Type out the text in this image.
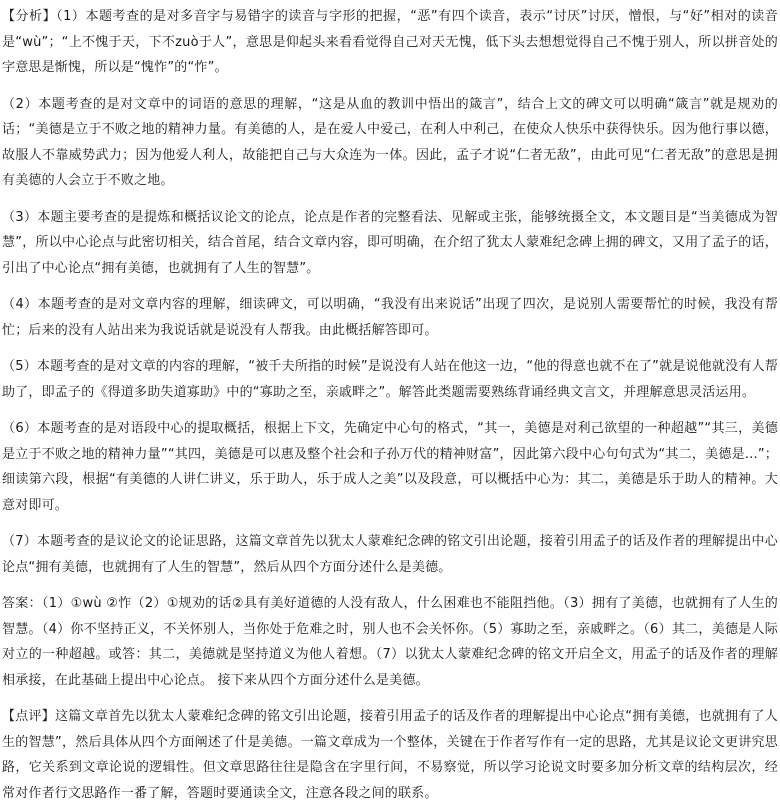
【分析】（1）本题考查的是对多音字与易错字的读音与字形的把握，“恶”有四个读音，表示“讨厌”讨厌，憎恨，与“好”相对的读音是“wù”；“上不愧于天，下不zuò于人”，意思是仰起头来看看觉得自己对天无愧，低下头去想想觉得自己不愧于别人，所以拼音处的字意思是惭愧，所以是“愧怍”的“怍”。

（2）本题考查的是对文章中的词语的意思的理解，“这是从血的教训中悟出的箴言”，结合上文的碑文可以明确“箴言”就是规劝的话；“美德是立于不败之地的精神力量。有美德的人，是在爱人中爱己，在利人中利己，在使众人快乐中获得快乐。因为他行事以德，故服人不靠威势武力；因为他爱人利人，故能把自己与大众连为一体。因此，孟子才说“仁者无敌”，由此可见“仁者无敌”的意思是拥有美德的人会立于不败之地。

（3）本题主要考查的是提炼和概括议论文的论点，论点是作者的完整看法、见解或主张，能够统摄全文，本文题目是“当美德成为智慧”，所以中心论点与此密切相关，结合首尾，结合文章内容，即可明确，在介绍了犹太人蒙难纪念碑上拥的碑文，又用了孟子的话，引出了中心论点“拥有美德，也就拥有了人生的智慧”。

（4）本题考查的是对文章内容的理解，细读碑文，可以明确，“我没有出来说话”出现了四次，是说别人需要帮忙的时候，我没有帮忙；后来的没有人站出来为我说话就是说没有人帮我。由此概括解答即可。

（5）本题考查的是对文章的内容的理解，“被千夫所指的时候”是说没有人站在他这一边，“他的得意也就不在了”就是说他就没有人帮助了，即孟子的《得道多助失道寡助》中的“寡助之至，亲戚畔之”。解答此类题需要熟练背诵经典文言文，并理解意思灵活运用。

（6）本题考查的是对语段中心的提取概括，根据上下文，先确定中心句的格式，“其一，美德是对利己欲望的一种超越”“其三，美德是立于不败之地的精神力量”“其四，美德是可以惠及整个社会和子孙万代的精神财富”，因此第六段中心句句式为“其二，美德是...”；细读第六段，根据“有美德的人讲仁讲义，乐于助人，乐于成人之美”以及段意，可以概括中心为：其二，美德是乐于助人的精神。大意对即可。

（7）本题考查的是议论文的论证思路，这篇文章首先以犹太人蒙难纪念碑的铭文引出论题，接着引用孟子的话及作者的理解提出中心论点“拥有美德，也就拥有了人生的智慧”，然后从四个方面分述什么是美德。

答案：（1）①wù ②怍（2）①规劝的话②具有美好道德的人没有敌人，什么困难也不能阻挡他。（3）拥有了美德，也就拥有了人生的智慧。（4）你不坚持正义，不关怀别人，当你处于危难之时，别人也不会关怀你。（5）寡助之至，亲戚畔之。（6）其二，美德是人际对立的一种超越。或答：其二，美德就是坚持道义为他人着想。（7）以犹太人蒙难纪念碑的铭文开启全文，用孟子的话及作者的理解相承接，在此基础上提出中心论点。 接下来从四个方面分述什么是美德。

【点评】这篇文章首先以犹太人蒙难纪念碑的铭文引出论题，接着引用孟子的话及作者的理解提出中心论点“拥有美德，也就拥有了人生的智慧”，然后具体从四个方面阐述了什是美德。一篇文章成为一个整体，关键在于作者写作有一定的思路，尤其是议论文更讲究思路，它关系到文章论说的逻辑性。但文章思路往往是隐含在字里行间，不易察觉，所以学习论说文时要多加分析文章的结构层次，经常对作者行文思路作一番了解，答题时要通读全文，注意各段之间的联系。
